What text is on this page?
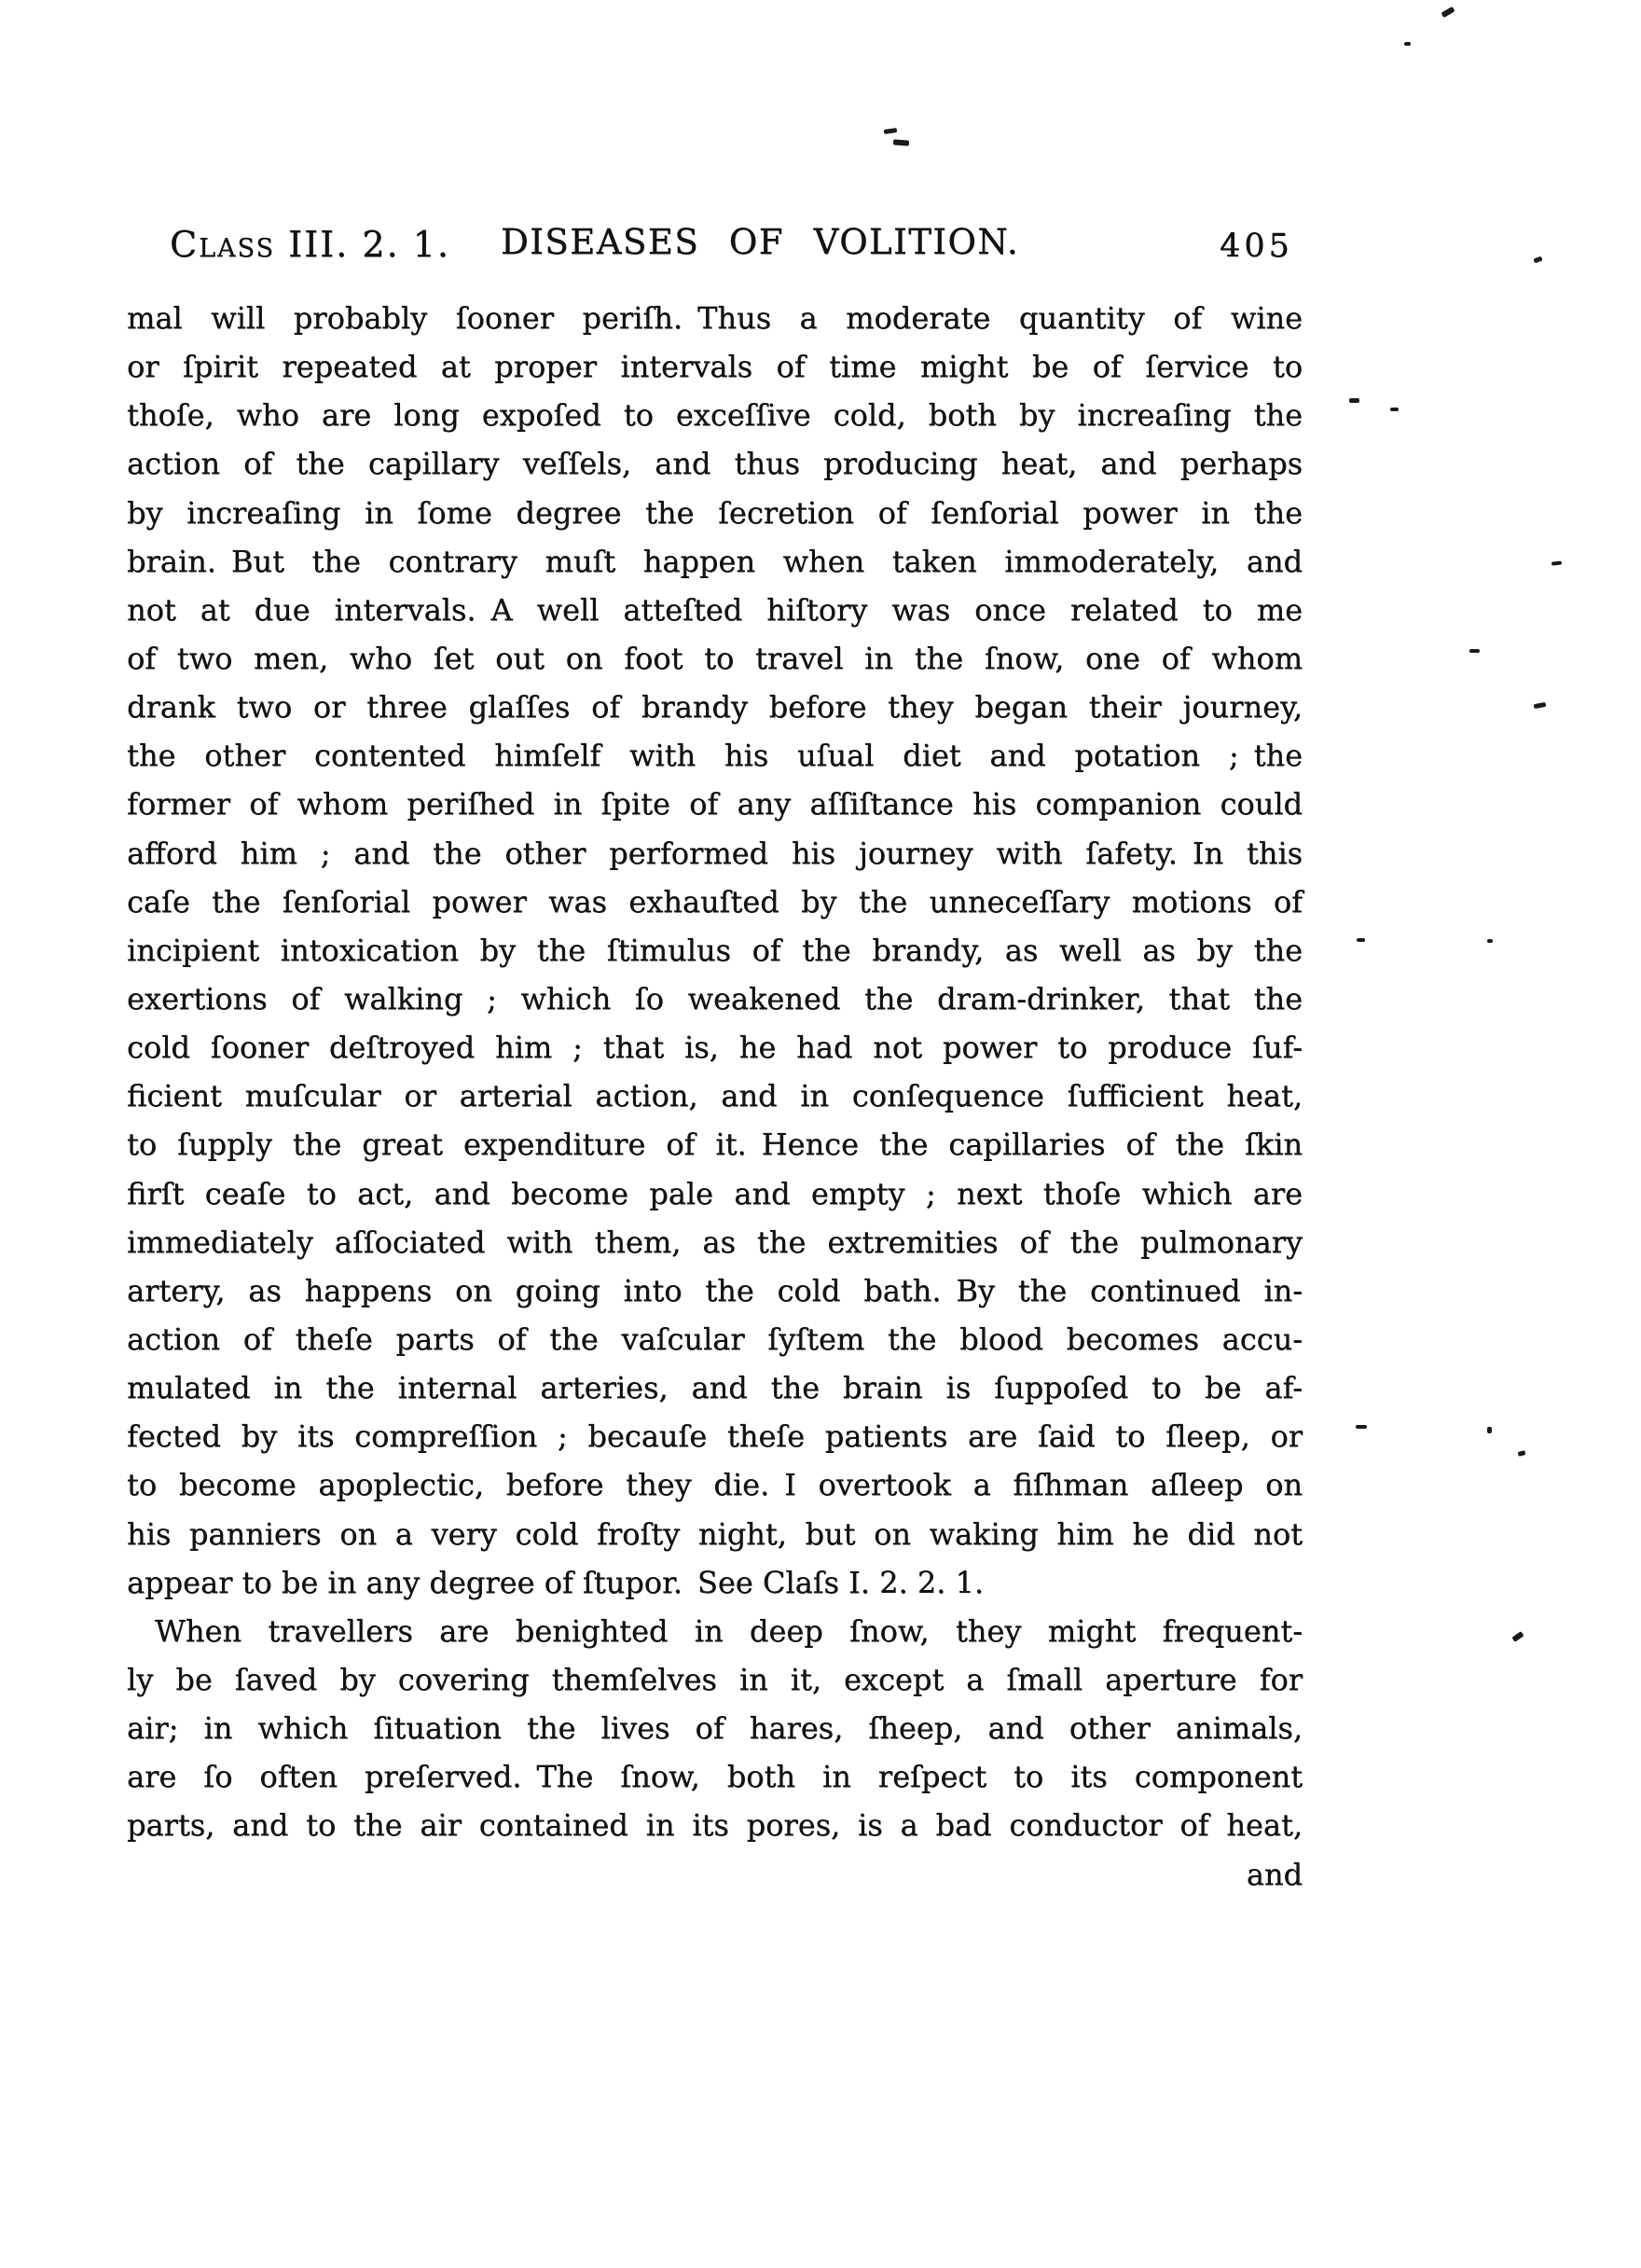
Class III. 2. 1. DISEASES OF VOLITION.	405
mal will probably ſooner periſh. Thus a moderate quantity of wine
or ſpirit repeated at proper intervals of time might be of ſervice to
thoſe, who are long expoſed to exceſſive cold, both by increaſing the
action of the capillary veſſels, and thus producing heat, and perhaps
by increaſing in ſome degree the ſecretion of ſenſorial power in the
brain. But the contrary muſt happen when taken immoderately, and
not at due intervals. A well atteſted hiſtory was once related to me
of two men, who ſet out on foot to travel in the ſnow, one of whom
drank two or three glaſſes of brandy before they began their journey,
the other contented himſelf with his uſual diet and potation ; the
former of whom periſhed in ſpite of any aſſiſtance his companion could
afford him ; and the other performed his journey with ſafety. In this
caſe the ſenſorial power was exhauſted by the unneceſſary motions of
incipient intoxication by the ſtimulus of the brandy, as well as by the
exertions of walking ; which ſo weakened the dram-drinker, that the
cold ſooner deſtroyed him ; that is, he had not power to produce ſuf-
ficient muſcular or arterial action, and in conſequence ſufficient heat,
to ſupply the great expenditure of it. Hence the capillaries of the ſkin
firſt ceaſe to act, and become pale and empty ; next thoſe which are
immediately aſſociated with them, as the extremities of the pulmonary
artery, as happens on going into the cold bath. By the continued in-
action of theſe parts of the vaſcular ſyſtem the blood becomes accu-
mulated in the internal arteries, and the brain is ſuppoſed to be af-
fected by its compreſſion ; becauſe theſe patients are ſaid to ſleep, or
to become apoplectic, before they die. I overtook a fiſhman aſleep on
his panniers on a very cold froſty night, but on waking him he did not
appear to be in any degree of ſtupor. See Claſs I. 2. 2. 1.
When travellers are benighted in deep ſnow, they might frequent-
ly be ſaved by covering themſelves in it, except a ſmall aperture for
air; in which ſituation the lives of hares, ſheep, and other animals,
are ſo often preſerved. The ſnow, both in reſpect to its component
parts, and to the air contained in its pores, is a bad conductor of heat,
and
